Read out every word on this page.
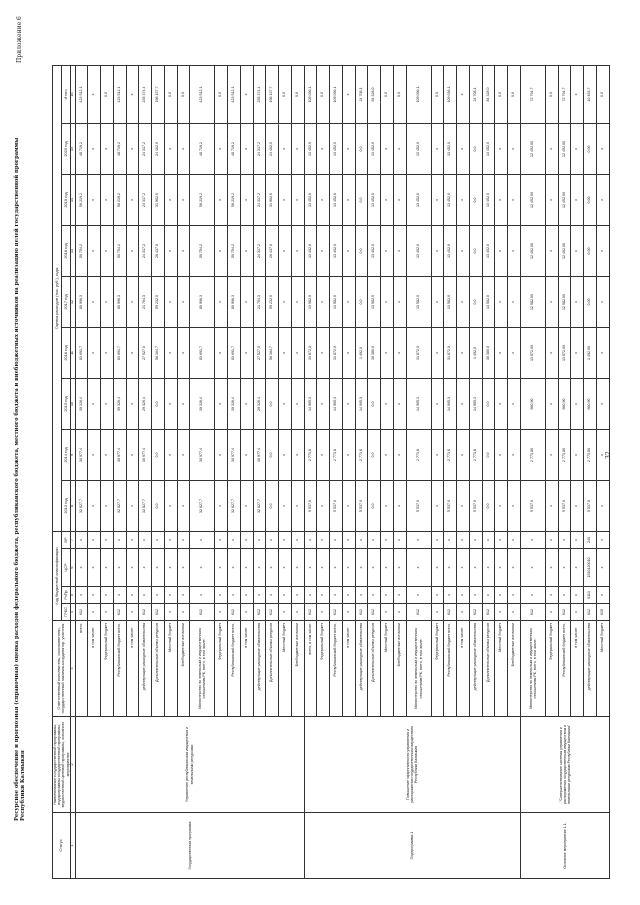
Ресурсное обеспечение и прогнозная (справочная) оценка расходов федерального бюджета, республиканского бюджета, местного бюджета и внебюджетных источников на реализацию целей государственной программы Республики Калмыкия
Приложение 6
Статус	Наименование государственной программы, подпрограммы государственной программы, ведомственной целевой программы, основного мероприятия	Ответственный исполнитель, соисполнители, государственный заказчик-координатор, участник	Код бюджетной классификации				Оценка расходов (тыс. руб.), годы								
			ГРБС	РзПр	ЦСР	ВР	2013 год	2014 год	2015 год	2016 год	2017 год	2018 год	2019 год	2020 год	Итого
1	2	3	4	5	6	7	8	9	10	11	12	13	14	15	16
Государственная программа	Управление республиканским имуществом и земельными ресурсами	всего:	612	х	х	х	32 827,7	30 977,4	39 326,4	83 691,7	80 996,3	50 754,2	56 219,2	48 719,2	423 512,1
		в том числе:	х	х	х	х	х	х	х	х	х	х	х	х	х
		Федеральный бюджет	х	х	х	х	х	х	х	х	х	х	х	х	0,0
		Республиканский бюджет всего,	612	х	х	х	32 827,7	30 977,4	39 326,4	83 691,7	80 996,3	50 754,2	56 219,2	48 719,2	423 512,1
		в том числе:	х	х	х	х	х	х	х	х	х	х	х	х	х
		действующие расходные обязательства	612	х	х	х	32 827,7	30 977,4	29 326,4	27 527,0	21 764,3	24 317,2	24 317,2	24 317,2	235 374,4
		Дополнительные объемы ресурсов	612	х	х	х	0,0	0,0	0,0	56 164,7	59 232,0	26 437,0	31 902,0	24 402,0	198 137,7
		Местный бюджет	х	х	х	х	х	х	х	х	х	х	х	х	0,0
		Внебюджетные источники	х	х	х	х	х	х	х	х	х	х	х	х	0,0
		Министерство по земельным и имущественным отношениям РК, всего, в том числе:	612	х	х	х	32 827,7	30 977,4	39 326,4	83 691,7	80 996,3	50 754,2	56 219,2	48 719,2	423 512,1
		Федеральный бюджет	х	х	х	х	х	х	х	х	х	х	х	х	0,0
		Республиканский бюджет всего,	612	х	х	х	32 827,7	30 977,4	39 326,4	83 691,7	80 996,3	50 754,2	56 219,2	48 719,2	423 512,1
		в том числе:	х	х	х	х	х	х	х	х	х	х	х	х	х
		действующие расходные обязательства	612	х	х	х	32 827,7	30 977,4	29 326,4	27 527,0	21 764,3	24 317,2	24 317,2	24 317,2	235 374,4
		Дополнительные объемы ресурсов	612	х	х	х	0,0	0,0	0,0	56 164,7	59 232,0	26 437,0	31 902,0	24 402,0	198 137,7
		Местный бюджет	х	х	х	х	х	х	х	х	х	х	х	х	0,0
		Внебюджетные источники	х	х	х	х	х	х	х	х	х	х	х	х	0,0
Подпрограмма 1	Повышение эффективности управления и распоряжения государственным имуществом Республики Калмыкия	всего, в том числе:	612	х	х	х	5 537,0	2 773,8	14 905,3	31 872,0	13 582,0	13 402,0	13 452,0	13 452,0	109 036,1
		Федеральный бюджет	х	х	х	х	х	х	х	х	х	х	х	х	0,0
		Республиканский бюджет всего,	612	х	х	х	5 537,0	2 773,8	14 905,3	31 872,0	13 582,0	13 402,0	13 452,0	13 452,0	109 036,1
		в том числе:	х	х	х	х	х	х	х	х	х	х	х	х	х
		действующие расходные обязательства	612	х	х	х	5 537,0	2 773,8	14 905,3	1 492,0	0,0	0,0	0,0	0,0	24 708,1
		Дополнительные объемы ресурсов	612	х	х	х	0,0	0,0	0,0	30 380,0	13 582,0	13 402,0	13 452,0	13 452,0	84 328,0
		Местный бюджет	х	х	х	х	х	х	х	х	х	х	х	х	0,0
		Внебюджетные источники	х	х	х	х	х	х	х	х	х	х	х	х	0,0
		Министерство по земельным и имущественным отношениям РК, всего, в том числе:	612	х	х	х	5 537,0	2 773,8	14 905,3	31 872,0	13 582,0	13 402,0	13 452,0	13 452,0	109 036,1
		Федеральный бюджет	х	х	х	х	х	х	х	х	х	х	х	х	0,0
		Республиканский бюджет всего,	612	х	х	х	5 537,0	2 773,8	14 905,3	31 872,0	13 582,0	13 402,0	13 452,0	13 452,0	109 036,1
		в том числе:	х	х	х	х	х	х	х	х	х	х	х	х	х
		действующие расходные обязательства	612	х	х	х	5 537,0	2 773,8	14 905,3	1 492,0	0,0	0,0	0,0	0,0	24 708,1
		Дополнительные объемы ресурсов	612	х	х	х	0,0	0,0	0,0	30 380,0	13 582,0	13 402,0	13 452,0	13 452,0	84 328,0
		Местный бюджет	х	х	х	х	х	х	х	х	х	х	х	х	0,0
		Внебюджетные источники	х	х	х	х	х	х	х	х	х	х	х	х	0,0
Основное мероприятие 1.1.	"Совершенствование системы управления и распоряжения государственным имуществом и земельными ресурсами Республики Калмыкия"	Министерство по земельным и имущественным отношениям РК, всего, в том числе:	612	х	х	х	5 537,0	2 773,80	660,90	13 872,00	12 582,00	12 402,00	12 452,00	12 452,00	72 791,7
		Федеральный бюджет	х	х	х	х	х	х	х	х	х	х	х	х	0,0
		Республиканский бюджет всего,	612	х	х	х	5 537,0	2 773,80	660,90	13 872,00	12 582,00	12 402,00	12 452,00	12 452,00	72 791,7
		в том числе:	х	х	х	х	х	х	х	х	х	х	х	х	х
		действующие расходные обязательства	612	0113	1510120010	240	5 537,0	2 773,80	660,90	1 492,00	0,00	0,00	0,00	0,00	10 463,7
		Местный бюджет	615	х	х	х	х	х	х	х	х	х	х	х	0,0
32
